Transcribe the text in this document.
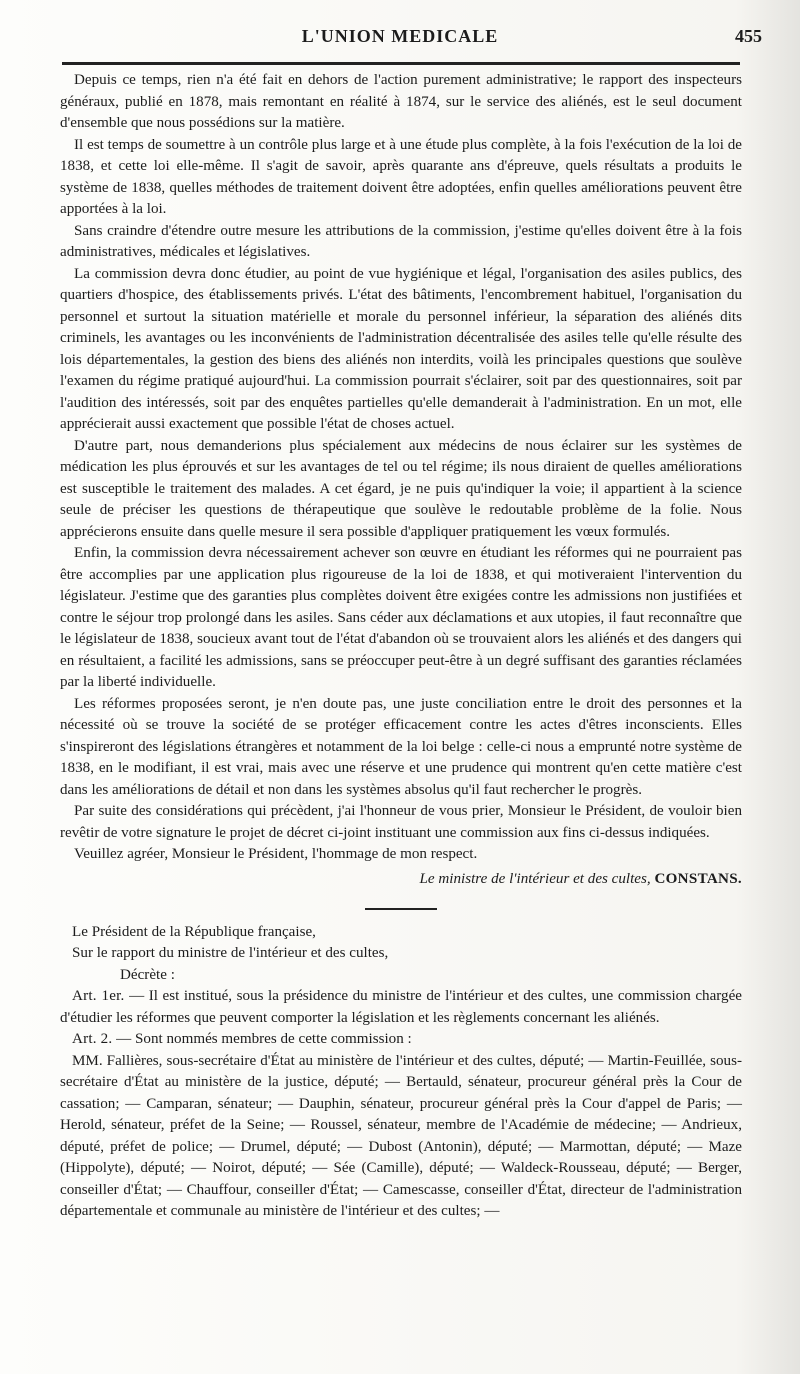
L'UNION MEDICALE	455

Depuis ce temps, rien n'a été fait en dehors de l'action purement administrative; le rapport des inspecteurs généraux, publié en 1878, mais remontant en réalité à 1874, sur le service des aliénés, est le seul document d'ensemble que nous possédions sur la matière.

Il est temps de soumettre à un contrôle plus large et à une étude plus complète, à la fois l'exécution de la loi de 1838, et cette loi elle-même. Il s'agit de savoir, après quarante ans d'épreuve, quels résultats a produits le système de 1838, quelles méthodes de traitement doivent être adoptées, enfin quelles améliorations peuvent être apportées à la loi.

Sans craindre d'étendre outre mesure les attributions de la commission, j'estime qu'elles doivent être à la fois administratives, médicales et législatives.

La commission devra donc étudier, au point de vue hygiénique et légal, l'organisation des asiles publics, des quartiers d'hospice, des établissements privés. L'état des bâtiments, l'encombrement habituel, l'organisation du personnel et surtout la situation matérielle et morale du personnel inférieur, la séparation des aliénés dits criminels, les avantages ou les inconvénients de l'administration décentralisée des asiles telle qu'elle résulte des lois départementales, la gestion des biens des aliénés non interdits, voilà les principales questions que soulève l'examen du régime pratiqué aujourd'hui. La commission pourrait s'éclairer, soit par des questionnaires, soit par l'audition des intéressés, soit par des enquêtes partielles qu'elle demanderait à l'administration. En un mot, elle apprécierait aussi exactement que possible l'état de choses actuel.

D'autre part, nous demanderions plus spécialement aux médecins de nous éclairer sur les systèmes de médication les plus éprouvés et sur les avantages de tel ou tel régime; ils nous diraient de quelles améliorations est susceptible le traitement des malades. A cet égard, je ne puis qu'indiquer la voie; il appartient à la science seule de préciser les questions de thérapeutique que soulève le redoutable problème de la folie. Nous apprécierons ensuite dans quelle mesure il sera possible d'appliquer pratiquement les vœux formulés.

Enfin, la commission devra nécessairement achever son œuvre en étudiant les réformes qui ne pourraient pas être accomplies par une application plus rigoureuse de la loi de 1838, et qui motiveraient l'intervention du législateur. J'estime que des garanties plus complètes doivent être exigées contre les admissions non justifiées et contre le séjour trop prolongé dans les asiles. Sans céder aux déclamations et aux utopies, il faut reconnaître que le législateur de 1838, soucieux avant tout de l'état d'abandon où se trouvaient alors les aliénés et des dangers qui en résultaient, a facilité les admissions, sans se préoccuper peut-être à un degré suffisant des garanties réclamées par la liberté individuelle.

Les réformes proposées seront, je n'en doute pas, une juste conciliation entre le droit des personnes et la nécessité où se trouve la société de se protéger efficacement contre les actes d'êtres inconscients. Elles s'inspireront des législations étrangères et notamment de la loi belge : celle-ci nous a emprunté notre système de 1838, en le modifiant, il est vrai, mais avec une réserve et une prudence qui montrent qu'en cette matière c'est dans les améliorations de détail et non dans les systèmes absolus qu'il faut rechercher le progrès.

Par suite des considérations qui précèdent, j'ai l'honneur de vous prier, Monsieur le Président, de vouloir bien revêtir de votre signature le projet de décret ci-joint instituant une commission aux fins ci-dessus indiquées.

Veuillez agréer, Monsieur le Président, l'hommage de mon respect.

Le ministre de l'intérieur et des cultes, CONSTANS.

Le Président de la République française,

Sur le rapport du ministre de l'intérieur et des cultes,

Décrète :

Art. 1er. — Il est institué, sous la présidence du ministre de l'intérieur et des cultes, une commission chargée d'étudier les réformes que peuvent comporter la législation et les règlements concernant les aliénés.

Art. 2. — Sont nommés membres de cette commission :

MM. Fallières, sous-secrétaire d'État au ministère de l'intérieur et des cultes, député; — Martin-Feuillée, sous-secrétaire d'État au ministère de la justice, député; — Bertauld, sénateur, procureur général près la Cour de cassation; — Camparan, sénateur; — Dauphin, sénateur, procureur général près la Cour d'appel de Paris; — Herold, sénateur, préfet de la Seine; — Roussel, sénateur, membre de l'Académie de médecine; — Andrieux, député, préfet de police; — Drumel, député; — Dubost (Antonin), député; — Marmottan, député; — Maze (Hippolyte), député; — Noirot, député; — Sée (Camille), député; — Waldeck-Rousseau, député; — Berger, conseiller d'État; — Chauffour, conseiller d'État; — Camescasse, conseiller d'État, directeur de l'administration départementale et communale au ministère de l'intérieur et des cultes; —
